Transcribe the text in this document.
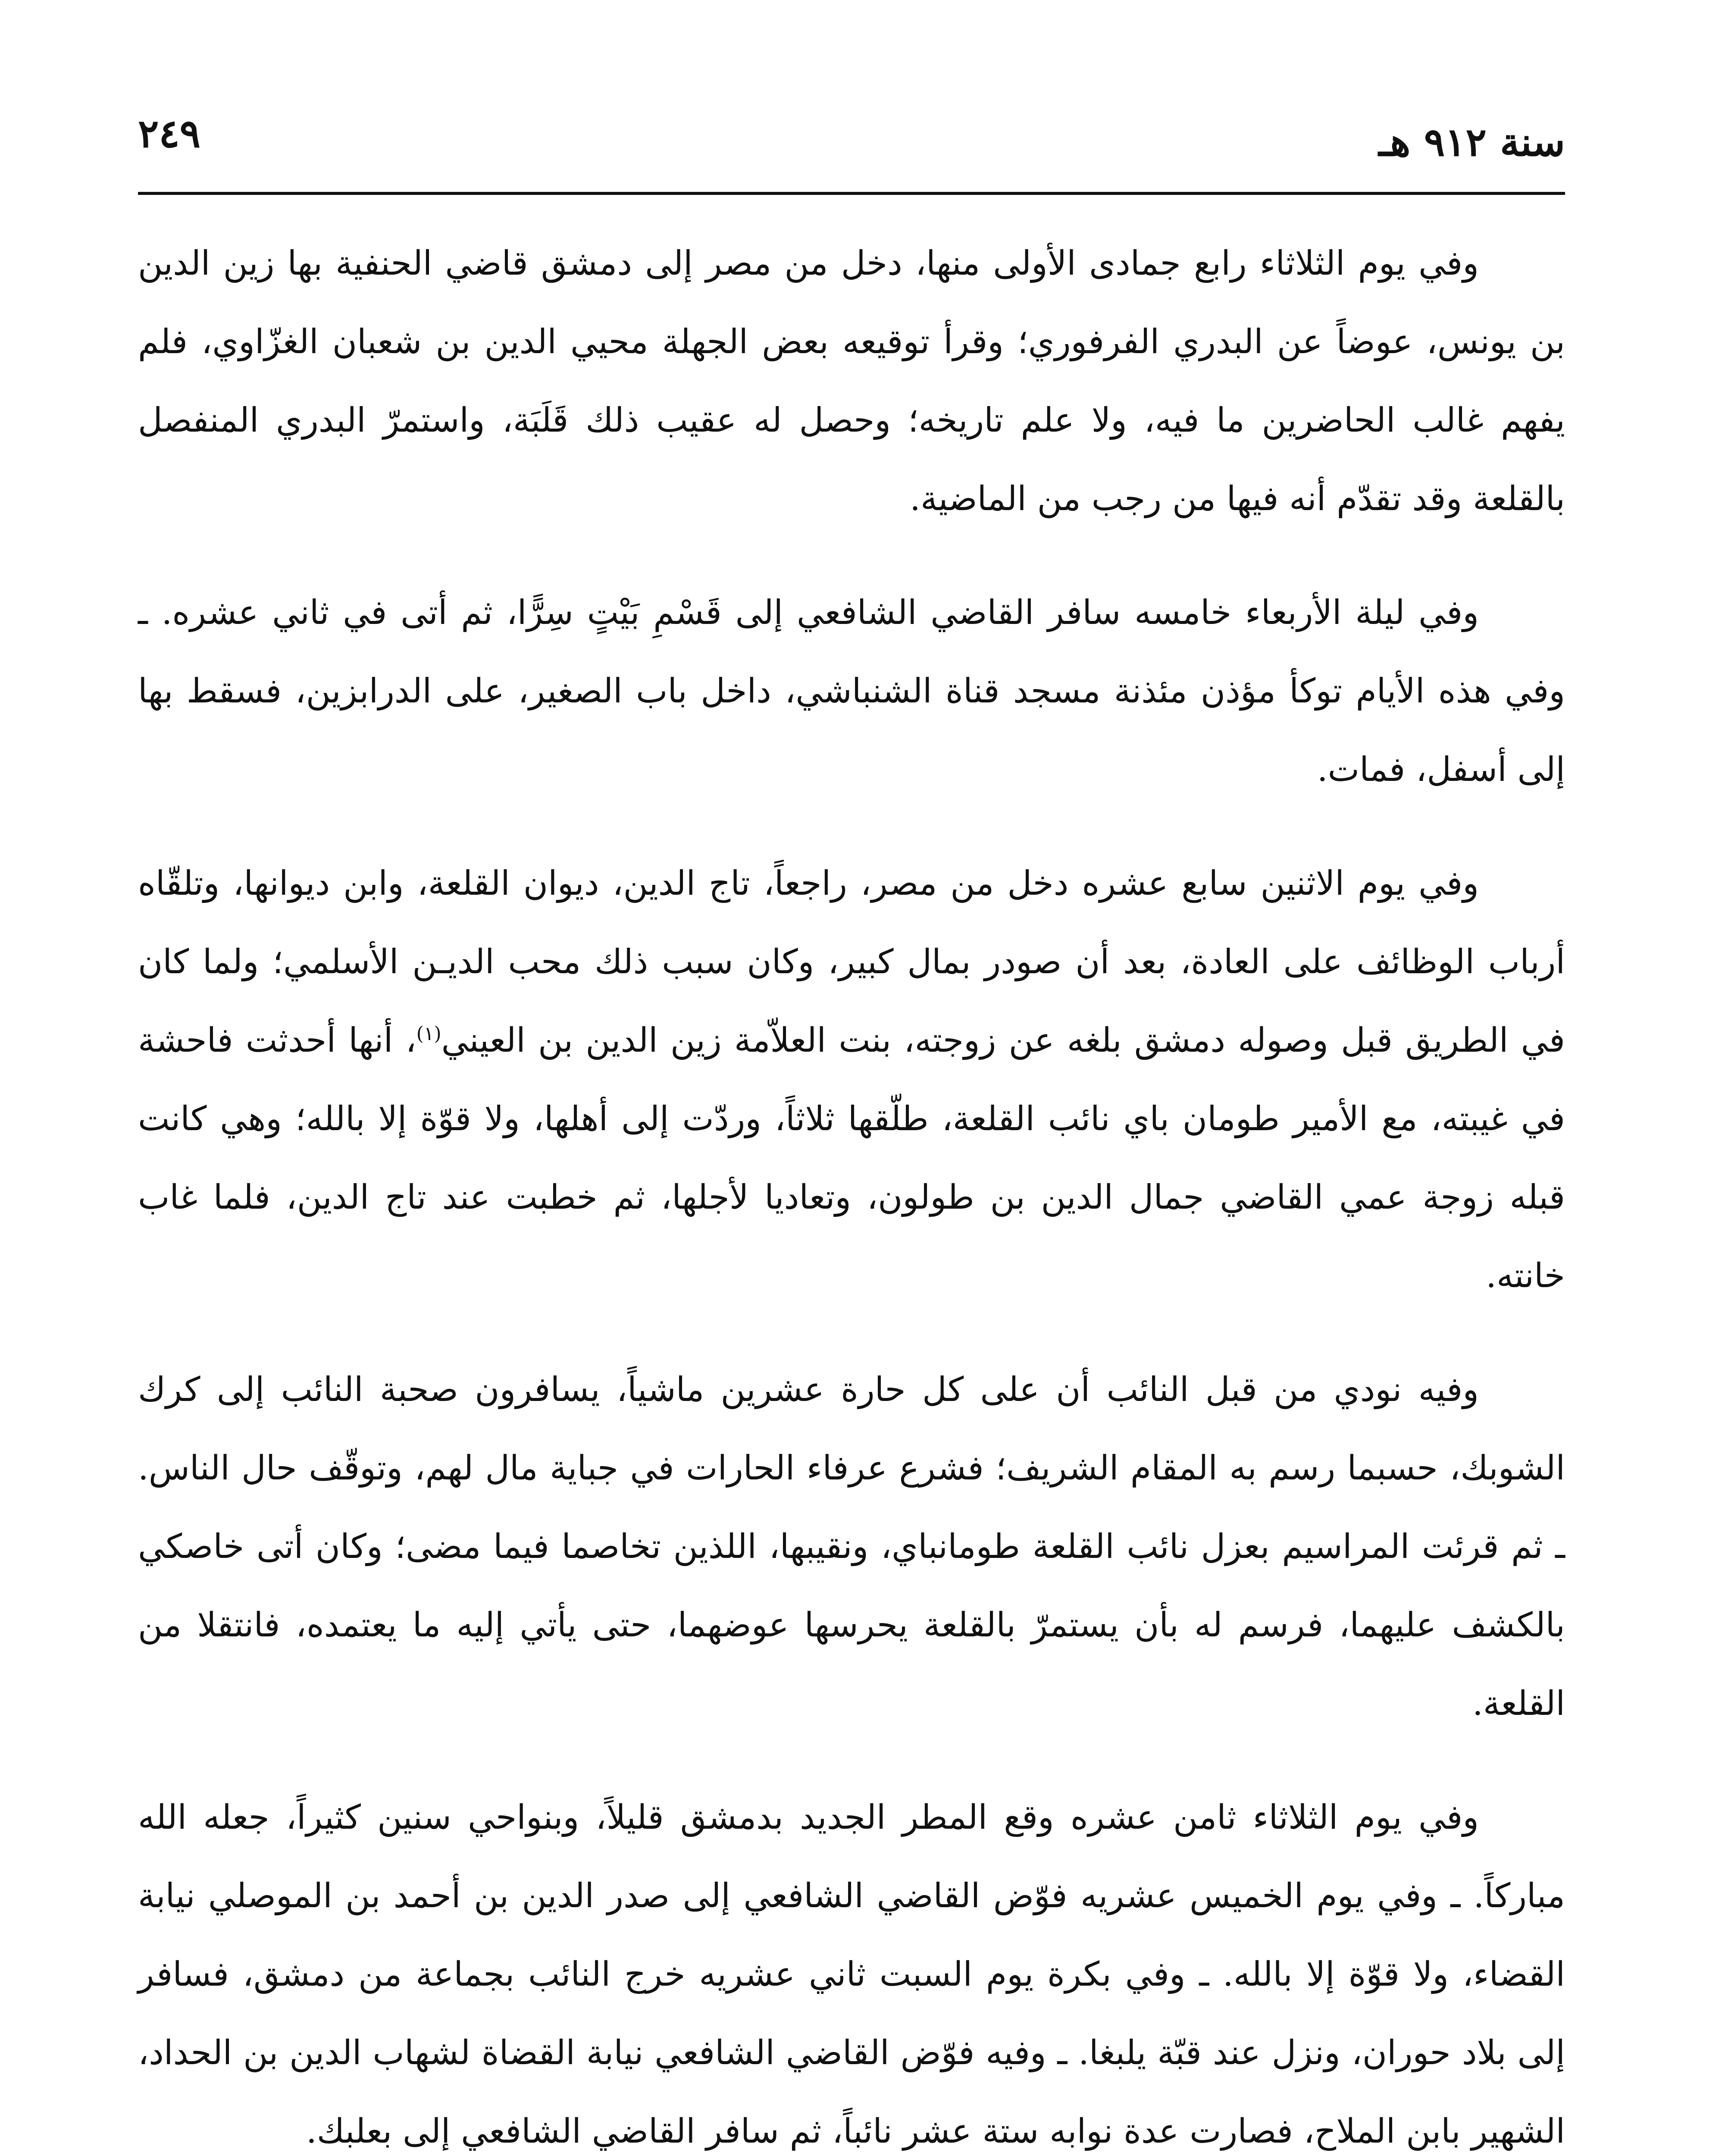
سنة ٩١٢ هـ
٢٤٩

وفي يوم الثلاثاء رابع جمادى الأولى منها، دخل من مصر إلى دمشق قاضي الحنفية بها زين الدين بن يونس، عوضاً عن البدري الفرفوري؛ وقرأ توقيعه بعض الجهلة محيي الدين بن شعبان الغزّاوي، فلم يفهم غالب الحاضرين ما فيه، ولا علم تاريخه؛ وحصل له عقيب ذلك قَلَبَة، واستمرّ البدري المنفصل بالقلعة وقد تقدّم أنه فيها من رجب من الماضية.

وفي ليلة الأربعاء خامسه سافر القاضي الشافعي إلى قَسْمِ بَيْتٍ سِرًّا، ثم أتى في ثاني عشره. ـ وفي هذه الأيام توكأ مؤذن مئذنة مسجد قناة الشنباشي، داخل باب الصغير، على الدرابزين، فسقط بها إلى أسفل، فمات.

وفي يوم الاثنين سابع عشره دخل من مصر، راجعاً، تاج الدين، ديوان القلعة، وابن ديوانها، وتلقّاه أرباب الوظائف على العادة، بعد أن صودر بمال كبير، وكان سبب ذلك محب الديـن الأسلمي؛ ولما كان في الطريق قبل وصوله دمشق بلغه عن زوجته، بنت العلاّمة زين الدين بن العيني$^{(١)}$، أنها أحدثت فاحشة في غيبته، مع الأمير طومان باي نائب القلعة، طلّقها ثلاثاً، وردّت إلى أهلها، ولا قوّة إلا بالله؛ وهي كانت قبله زوجة عمي القاضي جمال الدين بن طولون، وتعاديا لأجلها، ثم خطبت عند تاج الدين، فلما غاب خانته.

وفيه نودي من قبل النائب أن على كل حارة عشرين ماشياً، يسافرون صحبة النائب إلى كرك الشوبك، حسبما رسم به المقام الشريف؛ فشرع عرفاء الحارات في جباية مال لهم، وتوقّف حال الناس. ـ ثم قرئت المراسيم بعزل نائب القلعة طومانباي، ونقيبها، اللذين تخاصما فيما مضى؛ وكان أتى خاصكي بالكشف عليهما، فرسم له بأن يستمرّ بالقلعة يحرسها عوضهما، حتى يأتي إليه ما يعتمده، فانتقلا من القلعة.

وفي يوم الثلاثاء ثامن عشره وقع المطر الجديد بدمشق قليلاً، وبنواحي سنين كثيراً، جعله الله مباركاً. ـ وفي يوم الخميس عشريه فوّض القاضي الشافعي إلى صدر الدين بن أحمد بن الموصلي نيابة القضاء، ولا قوّة إلا بالله. ـ وفي بكرة يوم السبت ثاني عشريه خرج النائب بجماعة من دمشق، فسافر إلى بلاد حوران، ونزل عند قبّة يلبغا. ـ وفيه فوّض القاضي الشافعي نيابة القضاة لشهاب الدين بن الحداد، الشهير بابن الملاح، فصارت عدة نوابه ستة عشر نائباً، ثم سافر القاضي الشافعي إلى بعلبك.
